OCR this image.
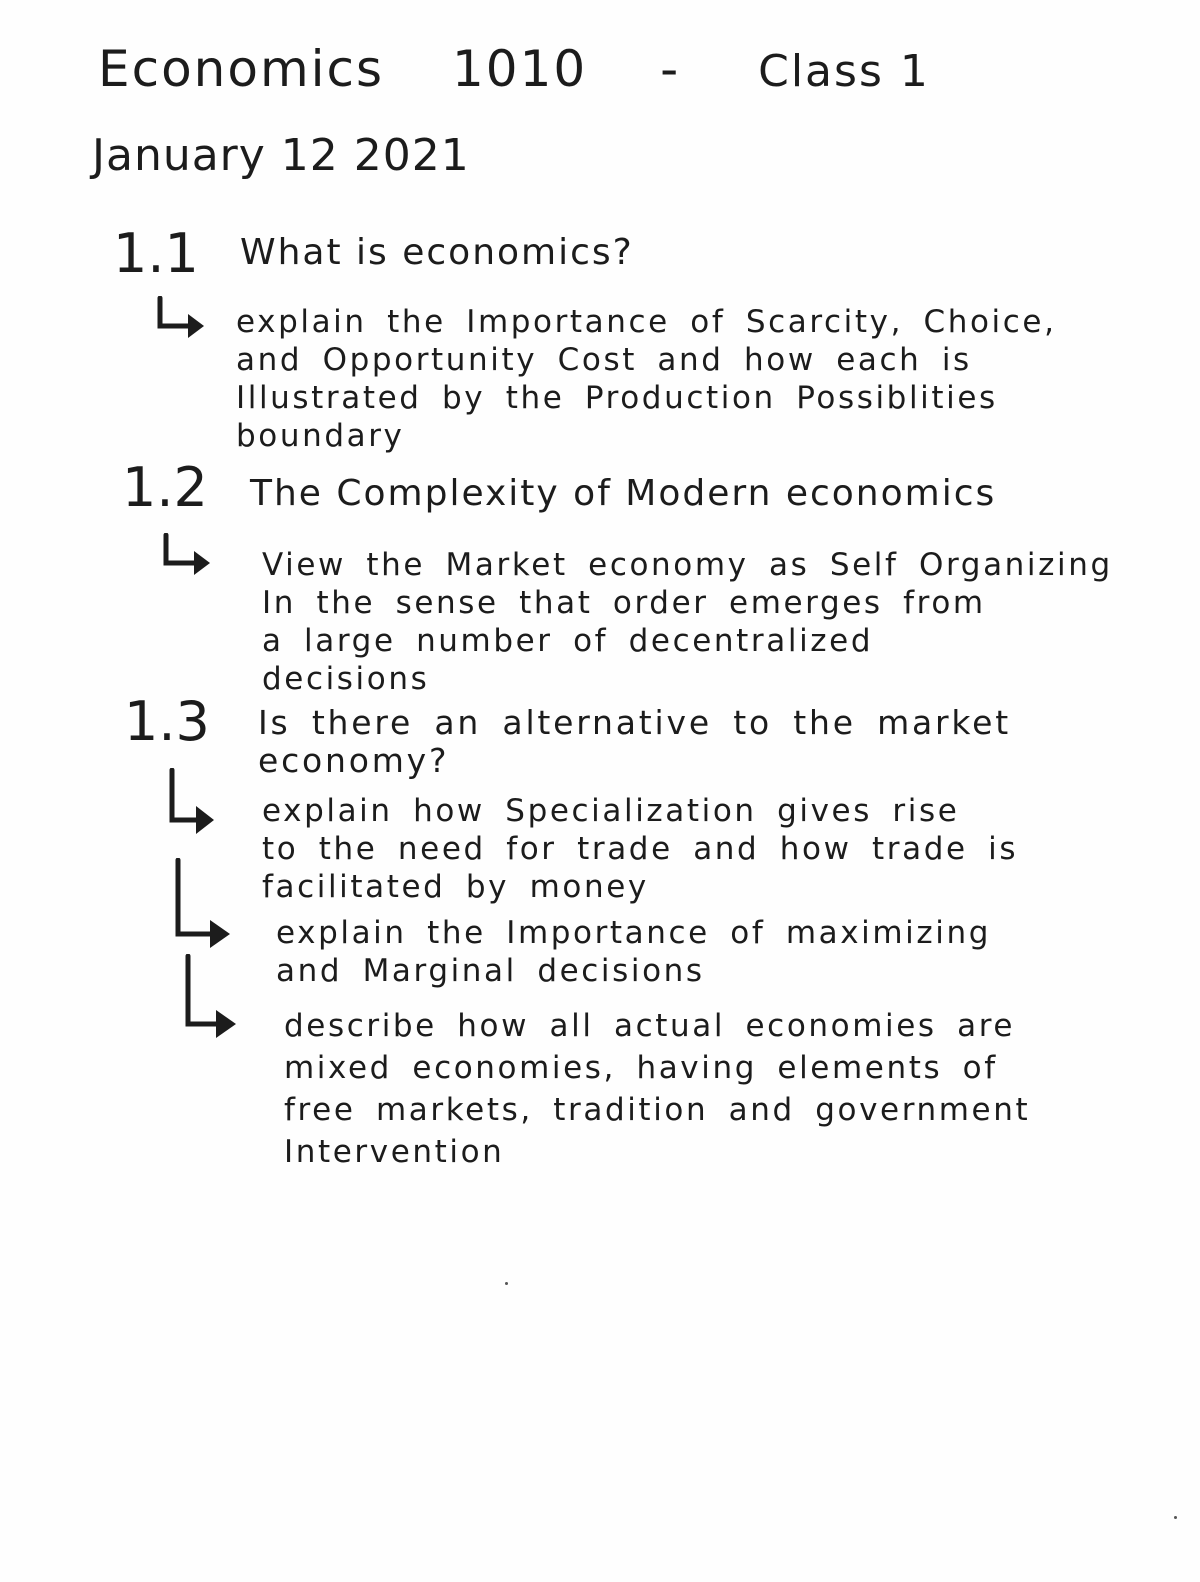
Economics 1010 - Class 1
January 12 2021
1.1 What is economics?
explain the Importance of Scarcity, Choice,
and Opportunity Cost and how each is
Illustrated by the Production Possiblities
boundary
1.2 The Complexity of Modern economics
View the Market economy as Self Organizing
In the sense that order emerges from
a large number of decentralized
decisions
1.3 Is there an alternative to the market
economy?
explain how Specialization gives rise
to the need for trade and how trade is
facilitated by money
explain the Importance of maximizing
and Marginal decisions
describe how all actual economies are
mixed economies, having elements of
free markets, tradition and government
Intervention
